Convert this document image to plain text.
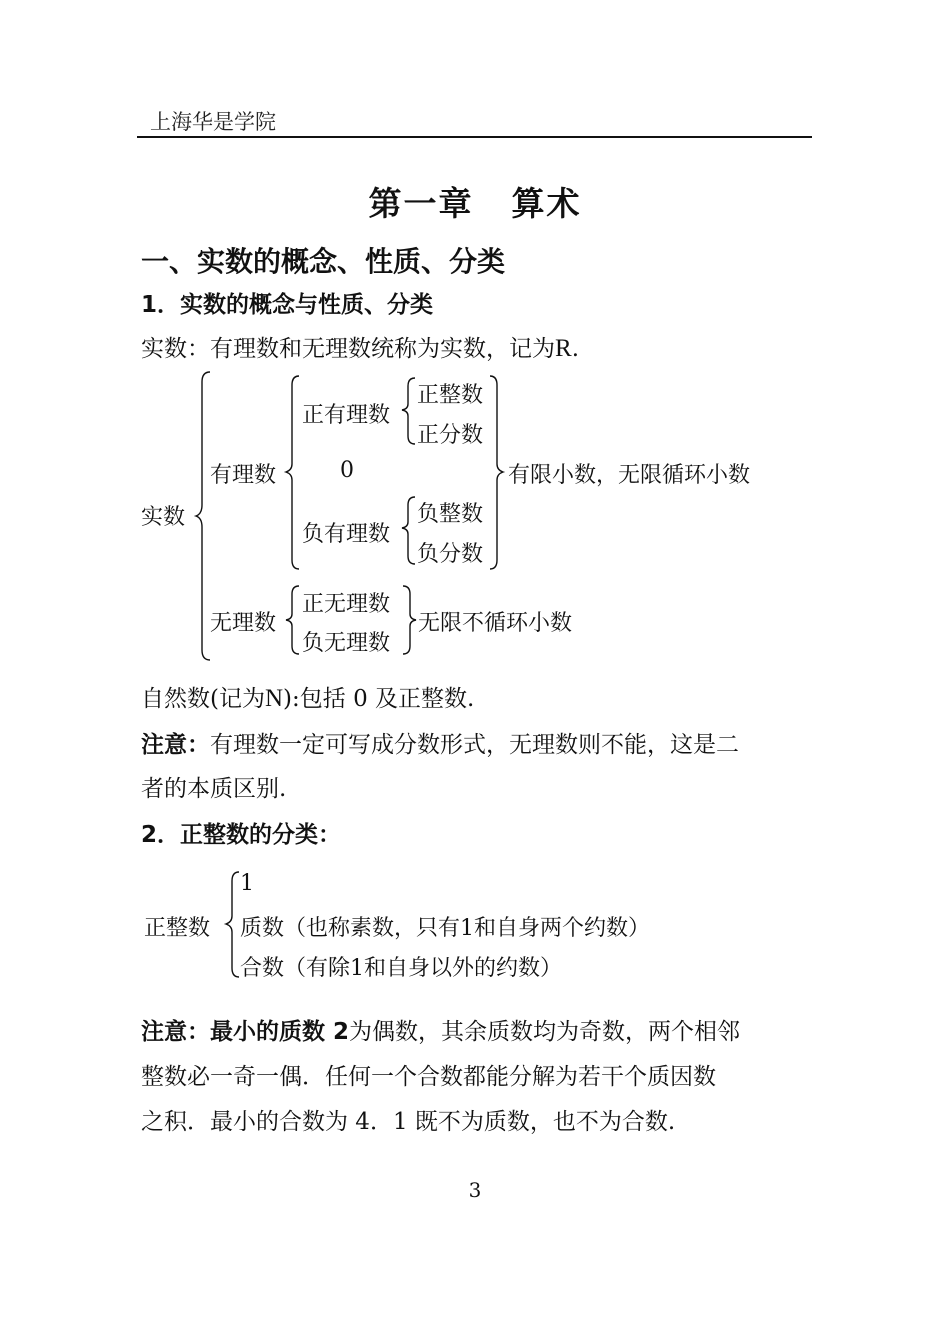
上海华是学院
第一章 算术
一、实数的概念、性质、分类
1．实数的概念与性质、分类
实数：有理数和无理数统称为实数，记为R.
实数
有理数
正有理数
正整数
正分数
0
负有理数
负整数
负分数
有限小数，无限循环小数
无理数
正无理数
负无理数
无限不循环小数
自然数(记为N):包括 0 及正整数.
注意：有理数一定可写成分数形式，无理数则不能，这是二
者的本质区别.
2．正整数的分类：
正整数
1
质数（也称素数，只有1和自身两个约数）
合数（有除1和自身以外的约数）
注意：最小的质数 2为偶数，其余质数均为奇数，两个相邻
整数必一奇一偶．任何一个合数都能分解为若干个质因数
之积．最小的合数为 4．1 既不为质数，也不为合数.
3
